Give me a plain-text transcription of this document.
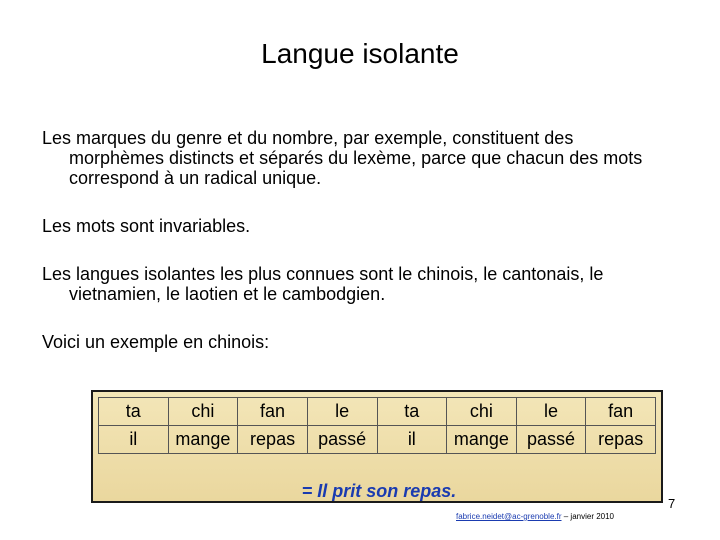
Langue isolante
Les marques du genre et du nombre, par exemple, constituent des
morphèmes distincts et séparés du lexème, parce que chacun des mots correspond à un radical unique.
Les mots sont invariables.
Les langues isolantes les plus connues sont le chinois, le cantonais, le
vietnamien, le laotien et le cambodgien.
Voici un exemple en chinois:
ta	chi	fan	le	ta	chi	le	fan
il	mange	repas	passé	il	mange	passé	repas
= Il prit son repas.
7
fabrice.neidet@ac-grenoble.fr – janvier 2010
